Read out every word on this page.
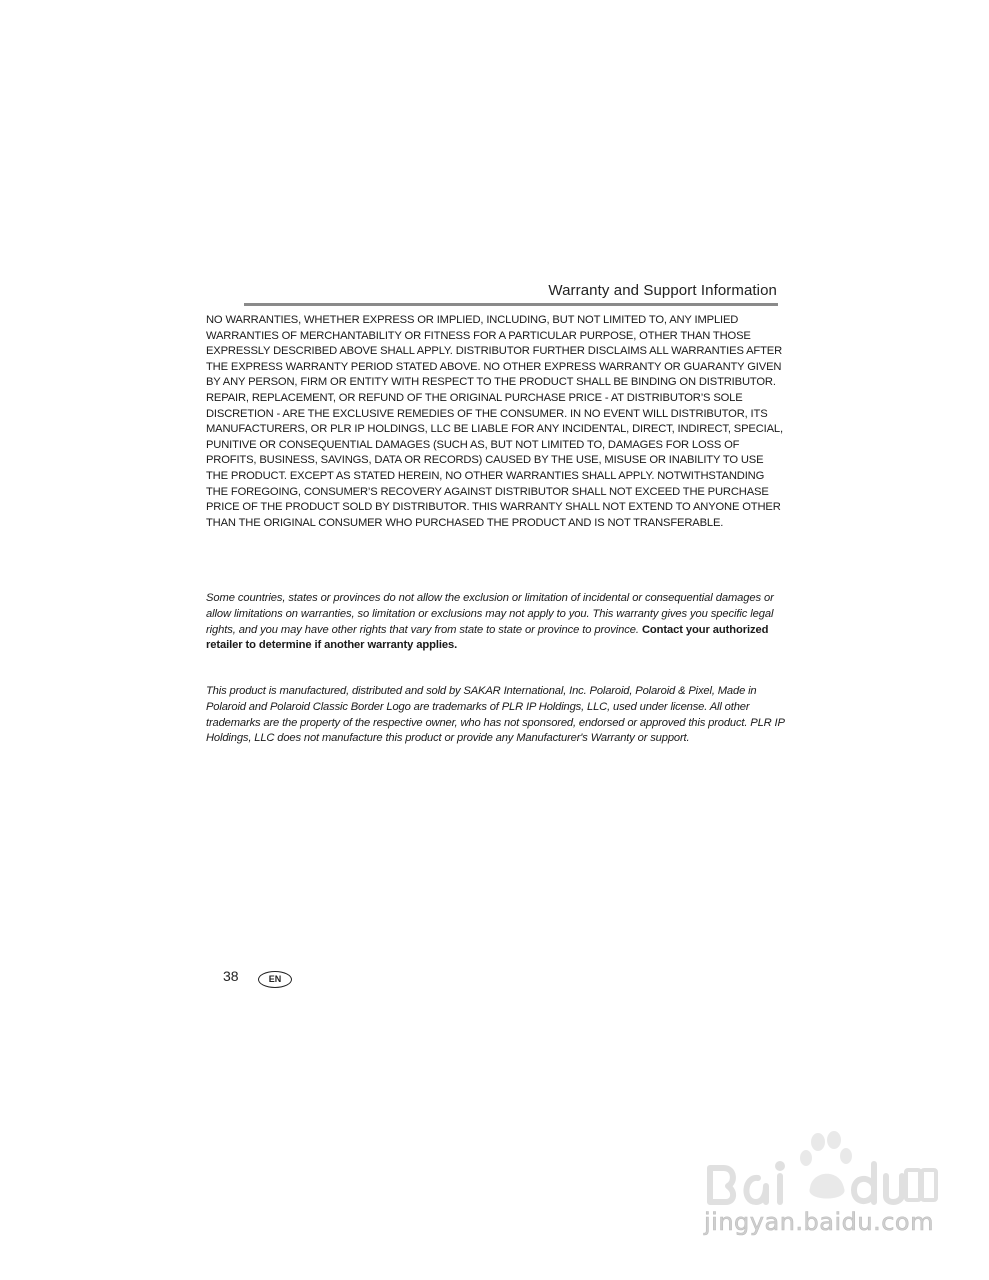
Warranty and Support Information

NO WARRANTIES, WHETHER EXPRESS OR IMPLIED, INCLUDING, BUT NOT LIMITED TO, ANY IMPLIED WARRANTIES OF MERCHANTABILITY OR FITNESS FOR A PARTICULAR PURPOSE, OTHER THAN THOSE EXPRESSLY DESCRIBED ABOVE SHALL APPLY. DISTRIBUTOR FURTHER DISCLAIMS ALL WARRANTIES AFTER THE EXPRESS WARRANTY PERIOD STATED ABOVE. NO OTHER EXPRESS WARRANTY OR GUARANTY GIVEN BY ANY PERSON, FIRM OR ENTITY WITH RESPECT TO THE PRODUCT SHALL BE BINDING ON DISTRIBUTOR. REPAIR, REPLACEMENT, OR REFUND OF THE ORIGINAL PURCHASE PRICE - AT DISTRIBUTOR’S SOLE DISCRETION - ARE THE EXCLUSIVE REMEDIES OF THE CONSUMER. IN NO EVENT WILL DISTRIBUTOR, ITS MANUFACTURERS, OR PLR IP HOLDINGS, LLC BE LIABLE FOR ANY INCIDENTAL, DIRECT, INDIRECT, SPECIAL, PUNITIVE OR CONSEQUENTIAL DAMAGES (SUCH AS, BUT NOT LIMITED TO, DAMAGES FOR LOSS OF PROFITS, BUSINESS, SAVINGS, DATA OR RECORDS) CAUSED BY THE USE, MISUSE OR INABILITY TO USE THE PRODUCT. EXCEPT AS STATED HEREIN, NO OTHER WARRANTIES SHALL APPLY. NOTWITHSTANDING THE FOREGOING, CONSUMER’S RECOVERY AGAINST DISTRIBUTOR SHALL NOT EXCEED THE PURCHASE PRICE OF THE PRODUCT SOLD BY DISTRIBUTOR. THIS WARRANTY SHALL NOT EXTEND TO ANYONE OTHER THAN THE ORIGINAL CONSUMER WHO PURCHASED THE PRODUCT AND IS NOT TRANSFERABLE.

Some countries, states or provinces do not allow the exclusion or limitation of incidental or consequential damages or allow limitations on warranties, so limitation or exclusions may not apply to you. This warranty gives you specific legal rights, and you may have other rights that vary from state to state or province to province. Contact your authorized retailer to determine if another warranty applies.

This product is manufactured, distributed and sold by SAKAR International, Inc. Polaroid, Polaroid & Pixel, Made in Polaroid and Polaroid Classic Border Logo are trademarks of PLR IP Holdings, LLC, used under license. All other trademarks are the property of the respective owner, who has not sponsored, endorsed or approved this product. PLR IP Holdings, LLC does not manufacture this product or provide any Manufacturer's Warranty or support.

38	EN
jingyan.baidu.com
